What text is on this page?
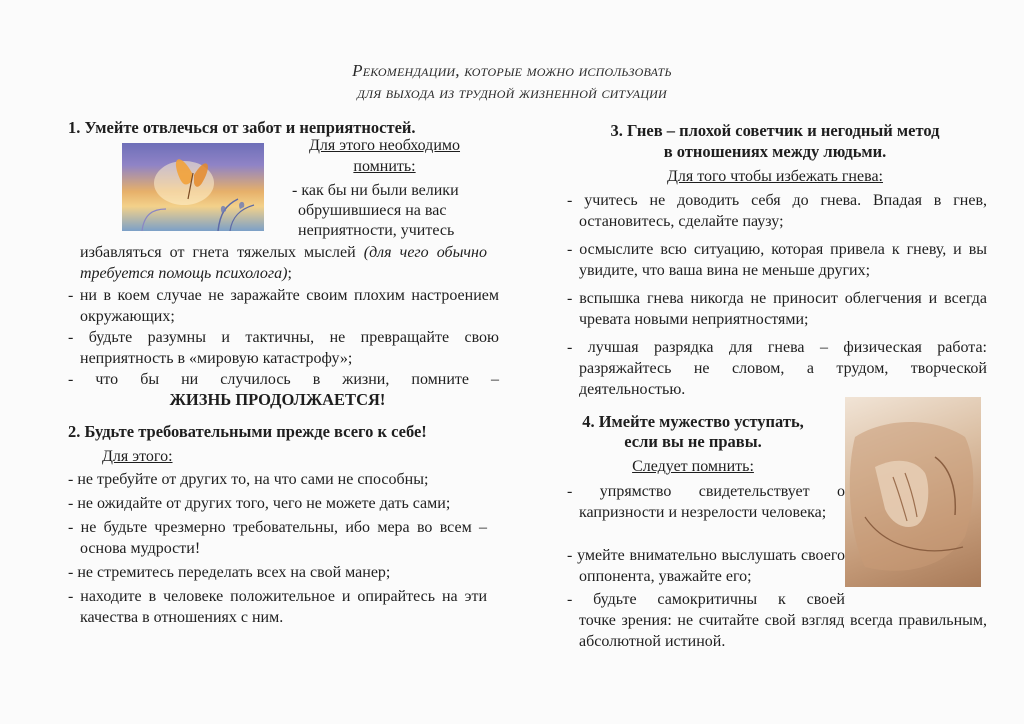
Рекомендации, которые можно использовать
для выхода из трудной жизненной ситуации
1. Умейте отвлечься от забот и неприятностей.
Для этого необходимо
помнить:
- как бы ни были велики
обрушившиеся на вас
неприятности, учитесь
избавляться от гнета тяжелых мыслей (для чего обычно требуется помощь психолога);
- ни в коем случае не заражайте своим плохим настроением окружающих;
- будьте разумны и тактичны, не превращайте свою неприятность в «мировую катастрофу»;
- что бы ни случилось в жизни, помните –
ЖИЗНЬ ПРОДОЛЖАЕТСЯ!
2. Будьте требовательными прежде всего к себе!
Для этого:

- не требуйте от других то, на что сами не способны;

- не ожидайте от других того, чего не можете дать сами;

- не будьте чрезмерно требовательны, ибо мера во всем – основа мудрости!

- не стремитесь переделать всех на свой манер;

- находите в человеке положительное и опирайтесь на эти качества в отношениях с ним.

3. Гнев – плохой советчик и негодный метод
в отношениях между людьми.
Для того чтобы избежать гнева:

- учитесь не доводить себя до гнева. Впадая в гнев, остановитесь, сделайте паузу;

- осмыслите всю ситуацию, которая привела к гневу, и вы увидите, что ваша вина не меньше других;

- вспышка гнева никогда не приносит облегчения и всегда чревата новыми неприятностями;

- лучшая разрядка для гнева – физическая работа: разряжайтесь не словом, а трудом, творческой деятельностью.

4. Имейте мужество уступать,
если вы не правы.
Следует помнить:
- упрямство свидетельствует о капризности и незрелости человека;
- умейте внимательно выслушать своего оппонента, уважайте его;
- будьте самокритичны к своей
точке зрения: не считайте свой взгляд всегда правильным, абсолютной истиной.
